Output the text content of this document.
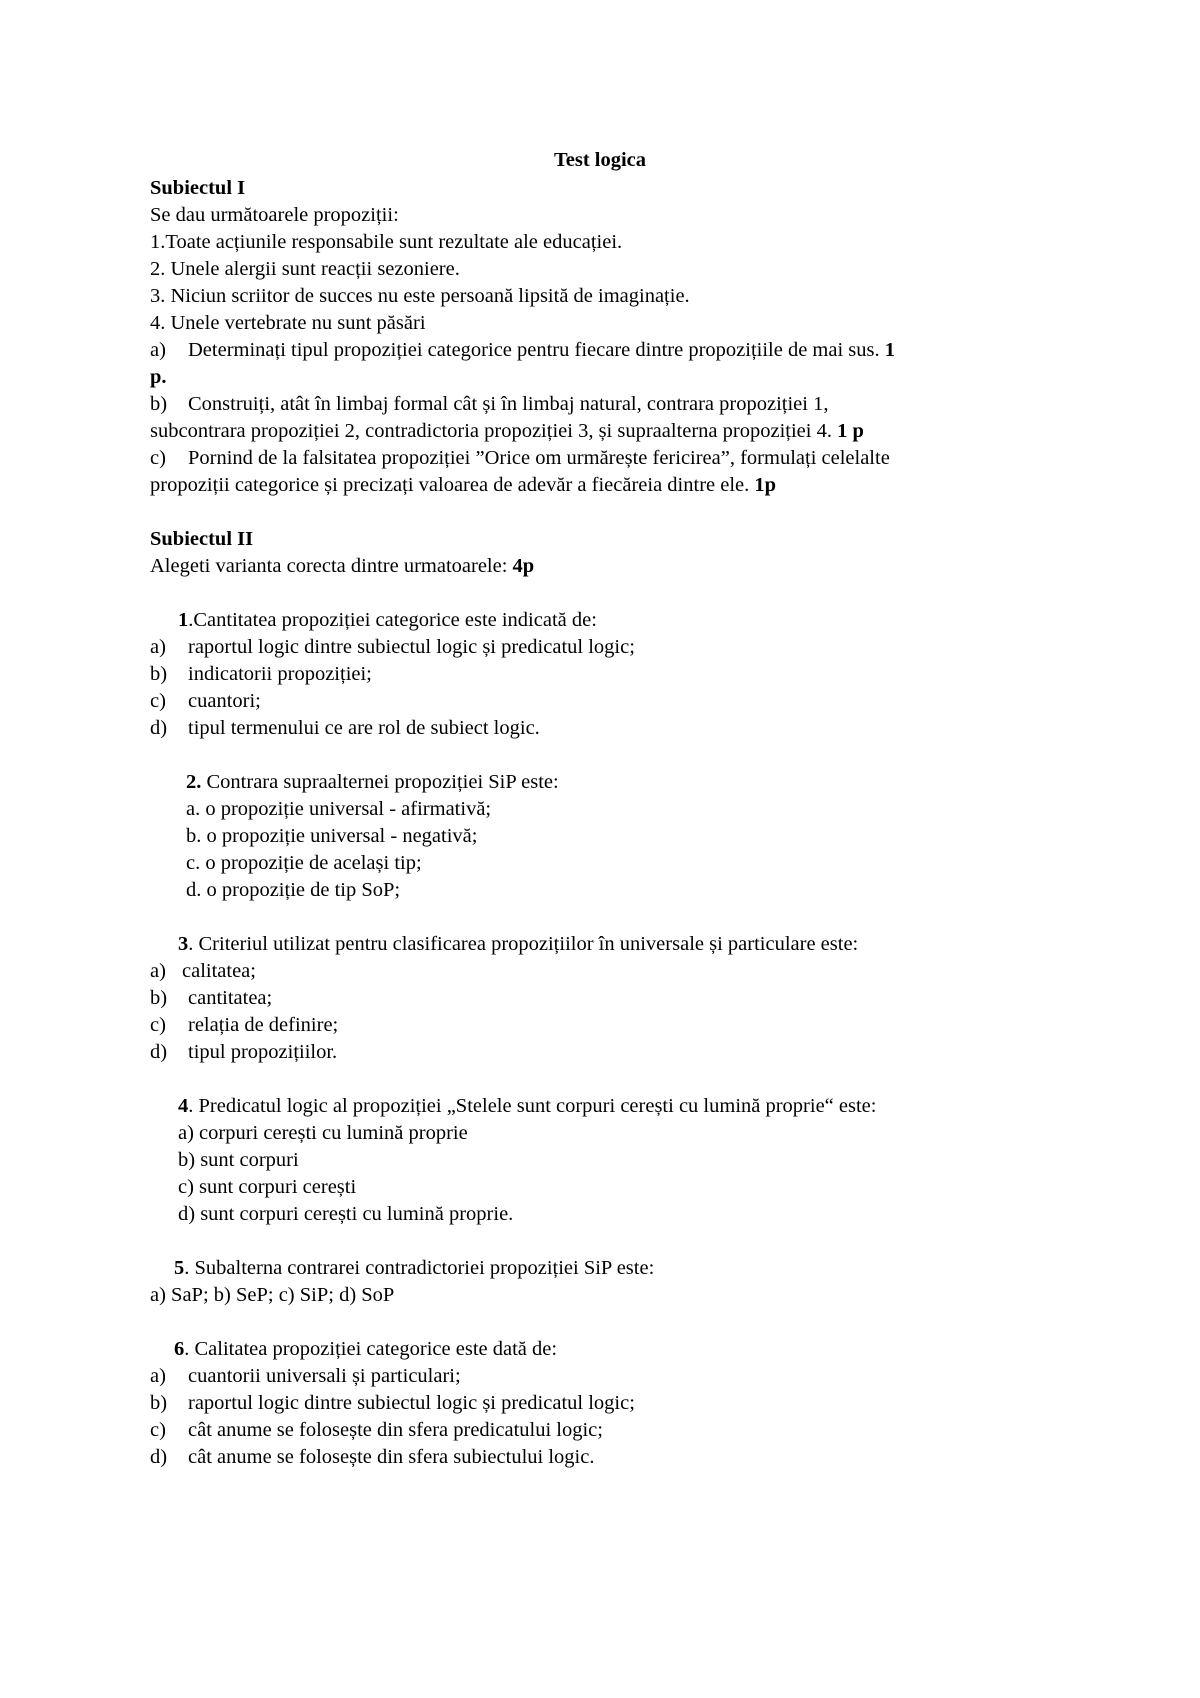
Test logica
Subiectul I
Se dau următoarele propoziții:
1.Toate acțiunile responsabile sunt rezultate ale educației.
2. Unele alergii sunt reacții sezoniere.
3. Niciun scriitor de succes nu este persoană lipsită de imaginație.
4. Unele vertebrate nu sunt păsări
a) Determinați tipul propoziției categorice pentru fiecare dintre propozițiile de mai sus. 1
p.
b) Construiți, atât în limbaj formal cât și în limbaj natural, contrara propoziției 1,
subcontrara propoziției 2, contradictoria propoziției 3, și supraalterna propoziției 4. 1 p
c) Pornind de la falsitatea propoziției ”Orice om urmărește fericirea”, formulați celelalte
propoziții categorice și precizați valoarea de adevăr a fiecăreia dintre ele. 1p
Subiectul II
Alegeti varianta corecta dintre urmatoarele: 4p
1.Cantitatea propoziției categorice este indicată de:
a) raportul logic dintre subiectul logic și predicatul logic;
b) indicatorii propoziției;
c) cuantori;
d) tipul termenului ce are rol de subiect logic.
2. Contrara supraalternei propoziției SiP este:
a. o propoziție universal - afirmativă;
b. o propoziție universal - negativă;
c. o propoziție de același tip;
d. o propoziție de tip SoP;
3. Criteriul utilizat pentru clasificarea propozițiilor în universale și particulare este:
a) calitatea;
b) cantitatea;
c) relația de definire;
d) tipul propozițiilor.
4. Predicatul logic al propoziției „Stelele sunt corpuri cerești cu lumină proprie“ este:
a) corpuri cerești cu lumină proprie
b) sunt corpuri
c) sunt corpuri cerești
d) sunt corpuri cerești cu lumină proprie.
5. Subalterna contrarei contradictoriei propoziției SiP este:
a) SaP; b) SeP; c) SiP; d) SoP
6. Calitatea propoziției categorice este dată de:
a) cuantorii universali și particulari;
b) raportul logic dintre subiectul logic și predicatul logic;
c) cât anume se folosește din sfera predicatului logic;
d) cât anume se folosește din sfera subiectului logic.
